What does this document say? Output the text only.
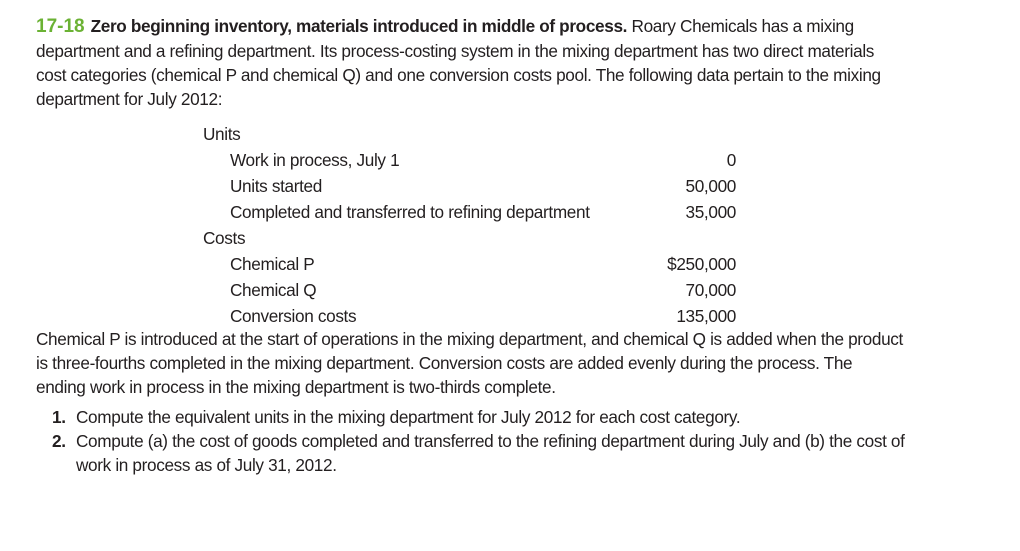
17-18 Zero beginning inventory, materials introduced in middle of process. Roary Chemicals has a mixing department and a refining department. Its process-costing system in the mixing department has two direct materials cost categories (chemical P and chemical Q) and one conversion costs pool. The following data pertain to the mixing department for July 2012:

Units
Work in process, July 1	0
Units started	50,000
Completed and transferred to refining department	35,000
Costs
Chemical P	$250,000
Chemical Q	70,000
Conversion costs	135,000

Chemical P is introduced at the start of operations in the mixing department, and chemical Q is added when the product is three-fourths completed in the mixing department. Conversion costs are added evenly during the process. The ending work in process in the mixing department is two-thirds complete.

1. Compute the equivalent units in the mixing department for July 2012 for each cost category.
2. Compute (a) the cost of goods completed and transferred to the refining department during July and (b) the cost of work in process as of July 31, 2012.
